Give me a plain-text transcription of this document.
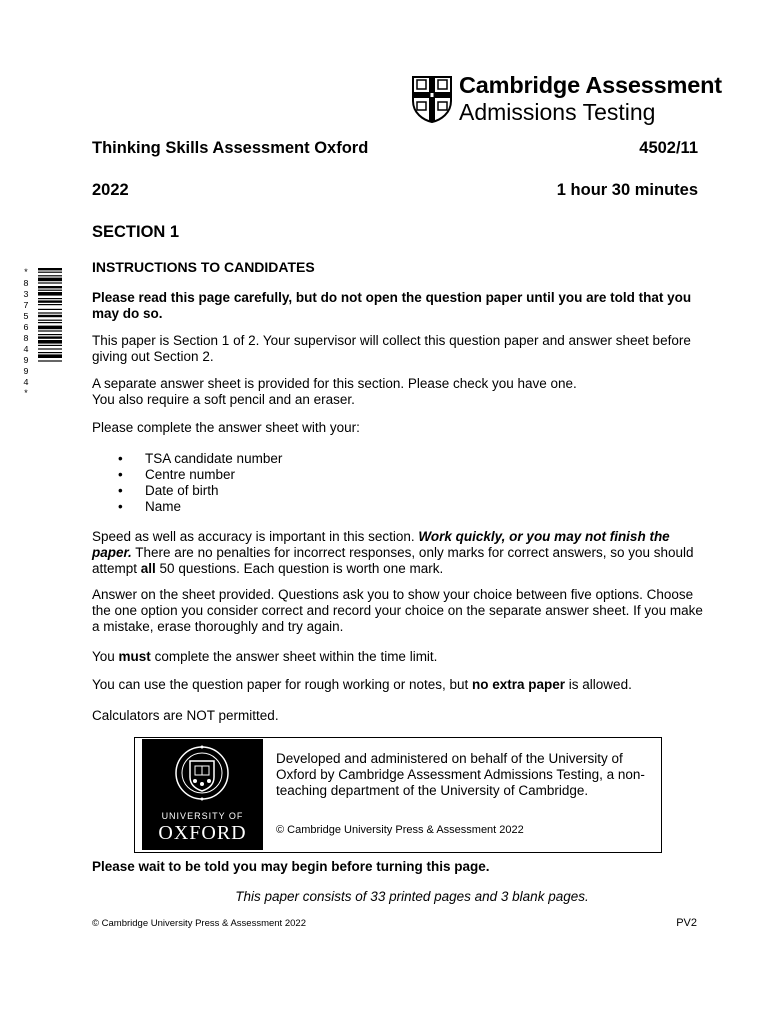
Cambridge Assessment
Admissions Testing
Thinking Skills Assessment Oxford	4502/11
2022	1 hour 30 minutes
SECTION 1
INSTRUCTIONS TO CANDIDATES
*
8
3
7
5
6
8
4
9
9
4
*
Please read this page carefully, but do not open the question paper until you are told that you may do so.
This paper is Section 1 of 2. Your supervisor will collect this question paper and answer sheet before giving out Section 2.
A separate answer sheet is provided for this section. Please check you have one.
You also require a soft pencil and an eraser.
Please complete the answer sheet with your:
• TSA candidate number
• Centre number
• Date of birth
• Name
Speed as well as accuracy is important in this section. Work quickly, or you may not finish the paper. There are no penalties for incorrect responses, only marks for correct answers, so you should attempt all 50 questions. Each question is worth one mark.
Answer on the sheet provided. Questions ask you to show your choice between five options. Choose the one option you consider correct and record your choice on the separate answer sheet. If you make a mistake, erase thoroughly and try again.
You must complete the answer sheet within the time limit.
You can use the question paper for rough working or notes, but no extra paper is allowed.
Calculators are NOT permitted.
UNIVERSITY OF
OXFORD
Developed and administered on behalf of the University of Oxford by Cambridge Assessment Admissions Testing, a non-teaching department of the University of Cambridge.
© Cambridge University Press & Assessment 2022
Please wait to be told you may begin before turning this page.
This paper consists of 33 printed pages and 3 blank pages.
© Cambridge University Press & Assessment 2022	PV2
